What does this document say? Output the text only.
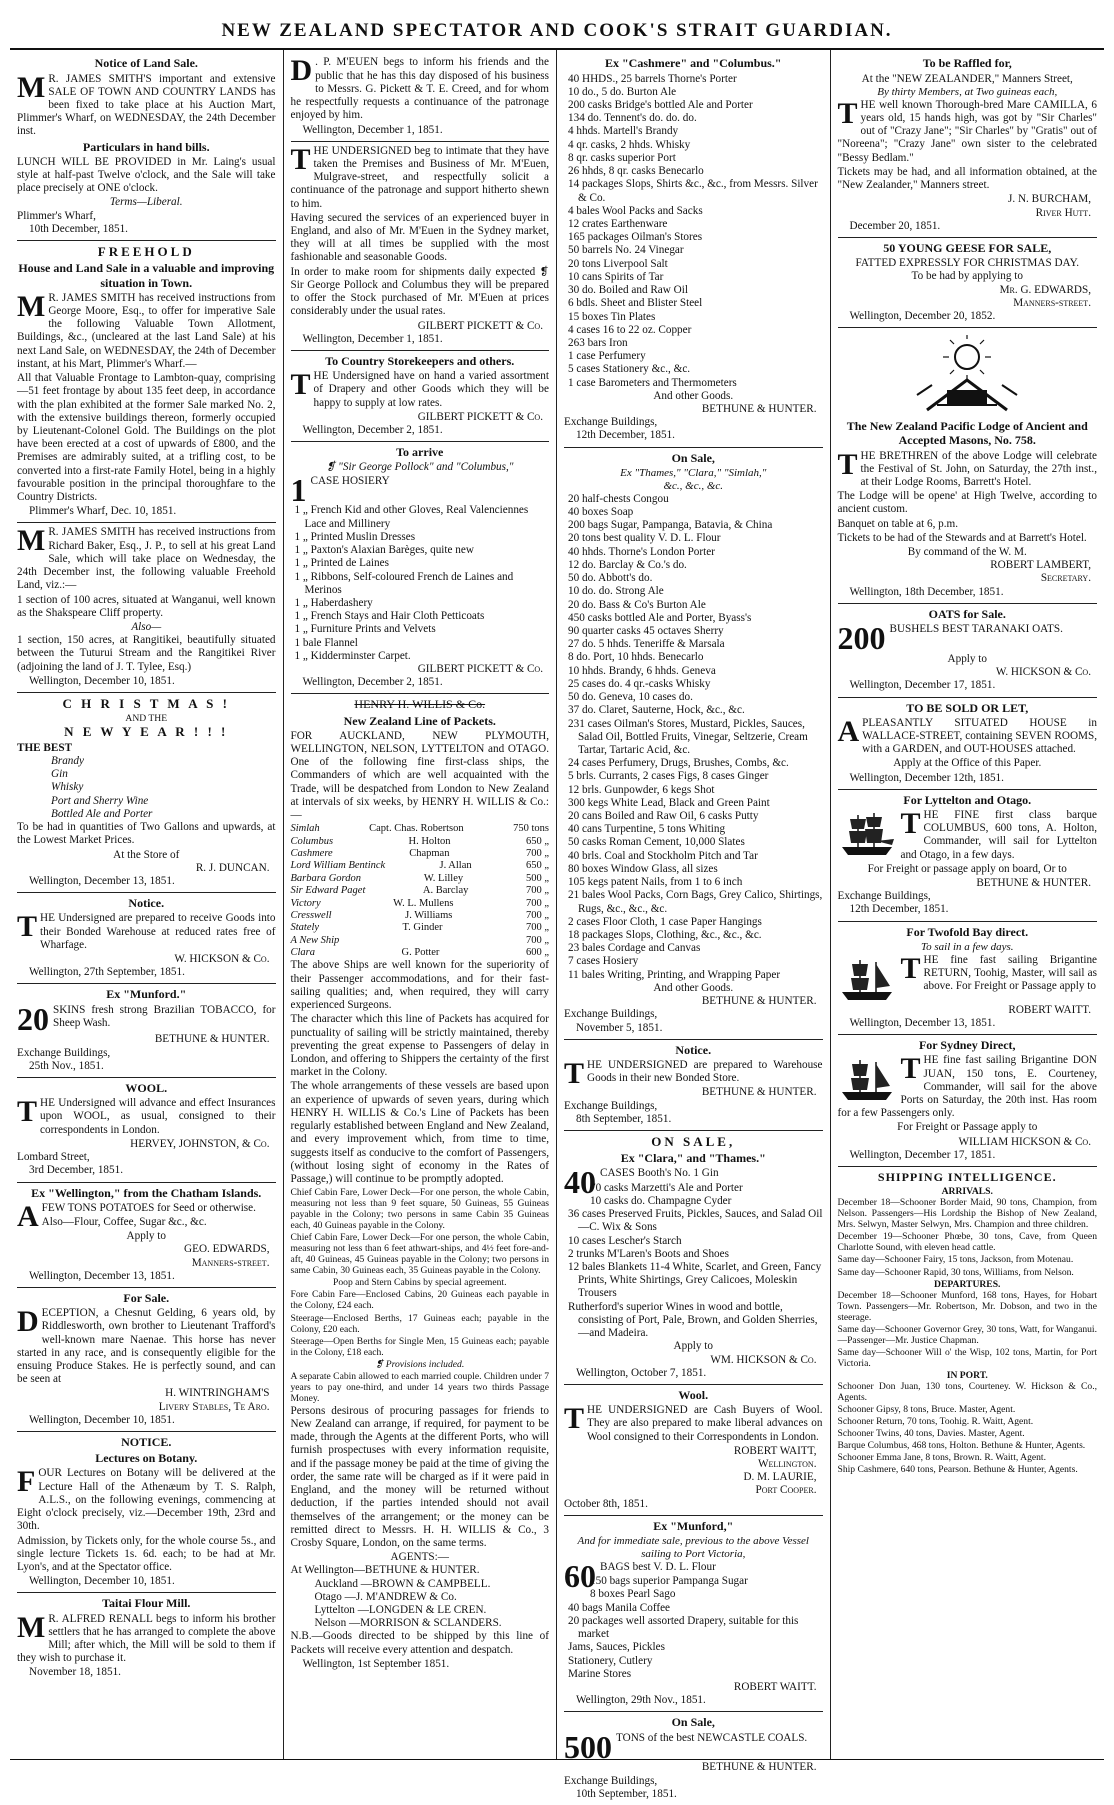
NEW ZEALAND SPECTATOR AND COOK'S STRAIT GUARDIAN.
Notice of Land Sale.

M R. JAMES SMITH'S important and extensive SALE OF TOWN AND COUNTRY LANDS has been fixed to take place at his Auction Mart, Plimmer's Wharf, on WEDNESDAY, the 24th December inst.

Particulars in hand bills.

LUNCH WILL BE PROVIDED in Mr. Laing's usual style at half-past Twelve o'clock, and the Sale will take place precisely at ONE o'clock.

Terms—Liberal.
Plimmer's Wharf,
10th December, 1851.
FREEHOLD
House and Land Sale in a valuable and improving situation in Town.

M R. JAMES SMITH has received instructions from George Moore, Esq., to offer for imperative Sale the following Valuable Town Allotment, Buildings, &c., (uncleared at the last Land Sale) at his next Land Sale, on WEDNESDAY, the 24th of December instant, at his Mart, Plimmer's Wharf.—

All that Valuable Frontage to Lambton-quay, comprising—51 feet frontage by about 135 feet deep, in accordance with the plan exhibited at the former Sale marked No. 2, with the extensive buildings thereon, formerly occupied by Lieutenant-Colonel Gold. The Buildings on the plot have been erected at a cost of upwards of £800, and the Premises are admirably suited, at a trifling cost, to be converted into a first-rate Family Hotel, being in a highly favourable position in the principal thoroughfare to the Country Districts.

Plimmer's Wharf, Dec. 10, 1851.

M R. JAMES SMITH has received instructions from Richard Baker, Esq., J. P., to sell at his great Land Sale, which will take place on Wednesday, the 24th December inst, the following valuable Freehold Land, viz.:—

1 section of 100 acres, situated at Wanganui, well known as the Shakspeare Cliff property.

Also—

1 section, 150 acres, at Rangitikei, beautifully situated between the Tuturui Stream and the Rangitikei River (adjoining the land of J. T. Tylee, Esq.)

Wellington, December 10, 1851.
C H R I S T M A S !
AND THE
N E W Y E A R ! ! !
THE BEST
Brandy
Gin
Whisky
Port and Sherry Wine
Bottled Ale and Porter

To be had in quantities of Two Gallons and upwards, at the Lowest Market Prices.

At the Store of
R. J. DUNCAN.
Wellington, December 13, 1851.
Notice.

THE Undersigned are prepared to receive Goods into their Bonded Warehouse at reduced rates free of Wharfage.

W. HICKSON & Co.
Wellington, 27th September, 1851.
Ex "Munford."

20 SKINS fresh strong Brazilian TOBACCO, for Sheep Wash.

BETHUNE & HUNTER.
Exchange Buildings,
25th Nov., 1851.
WOOL.

THE Undersigned will advance and effect Insurances upon WOOL, as usual, consigned to their correspondents in London.

HERVEY, JOHNSTON, & Co.
Lombard Street,
3rd December, 1851.
Ex "Wellington," from the Chatham Islands.

AFEW TONS POTATOES for Seed or otherwise.

Also—Flour, Coffee, Sugar &c., &c.

Apply to
GEO. EDWARDS,
Manners-street.
Wellington, December 13, 1851.
For Sale.

DECEPTION, a Chesnut Gelding, 6 years old, by Riddlesworth, own brother to Lieutenant Trafford's well-known mare Naenae. This horse has never started in any race, and is consequently eligible for the ensuing Produce Stakes. He is perfectly sound, and can be seen at

H. WINTRINGHAM'S
Livery Stables, Te Aro.
Wellington, December 10, 1851.
NOTICE.
Lectures on Botany.

FOUR Lectures on Botany will be delivered at the Lecture Hall of the Athenæum by T. S. Ralph, A.L.S., on the following evenings, commencing at Eight o'clock precisely, viz.—December 19th, 23rd and 30th.

Admission, by Tickets only, for the whole course 5s., and single lecture Tickets 1s. 6d. each; to be had at Mr. Lyon's, and at the Spectator office.

Wellington, December 10, 1851.
Taitai Flour Mill.

M R. ALFRED RENALL begs to inform his brother settlers that he has arranged to complete the above Mill; after which, the Mill will be sold to them if they wish to purchase it.

November 18, 1851.

D . P. M'EUEN begs to inform his friends and the public that he has this day disposed of his business to Messrs. G. Pickett & T. E. Creed, and for whom he respectfully requests a continuance of the patronage enjoyed by him.

Wellington, December 1, 1851.

THE UNDERSIGNED beg to intimate that they have taken the Premises and Business of Mr. M'Euen, Mulgrave-street, and respectfully solicit a continuance of the patronage and support hitherto shewn to him.

Having secured the services of an experienced buyer in England, and also of Mr. M'Euen in the Sydney market, they will at all times be supplied with the most fashionable and seasonable Goods.

In order to make room for shipments daily expected ❡ Sir George Pollock and Columbus they will be prepared to offer the Stock purchased of Mr. M'Euen at prices considerably under the usual rates.

GILBERT PICKETT & Co.
Wellington, December 1, 1851.
To Country Storekeepers and others.

THE Undersigned have on hand a varied assortment of Drapery and other Goods which they will be happy to supply at low rates.

GILBERT PICKETT & Co.
Wellington, December 2, 1851.
To arrive
❡ "Sir George Pollock" and "Columbus,"

1 CASE HOSIERY

1 „ French Kid and other Gloves, Real Valenciennes Lace and Millinery
1 „ Printed Muslin Dresses
1 „ Paxton's Alaxian Barèges, quite new
1 „ Printed de Laines
1 „ Ribbons, Self-coloured French de Laines and Merinos
1 „ Haberdashery
1 „ French Stays and Hair Cloth Petticoats
1 „ Furniture Prints and Velvets
1 bale Flannel
1 „ Kidderminster Carpet.
GILBERT PICKETT & Co.
Wellington, December 2, 1851.
HENRY H. WILLIS & Co.
New Zealand Line of Packets.

FOR AUCKLAND, NEW PLYMOUTH, WELLINGTON, NELSON, LYTTELTON and OTAGO. One of the following fine first-class ships, the Commanders of which are well acquainted with the Trade, will be despatched from London to New Zealand at intervals of six weeks, by HENRY H. WILLIS & Co.:—

Simlah	Capt. Chas. Robertson	750 tons
Columbus	H. Holton	650 „
Cashmere	Chapman	700 „
Lord William Bentinck	J. Allan	650 „
Barbara Gordon	W. Lilley	500 „
Sir Edward Paget	A. Barclay	700 „
Victory	W. L. Mullens	700 „
Cresswell	J. Williams	700 „
Stately	T. Ginder	700 „
A New Ship	700 „
Clara	G. Potter	600 „

The above Ships are well known for the superiority of their Passenger accommodations, and for their fast-sailing qualities; and, when required, they will carry experienced Surgeons.

The character which this line of Packets has acquired for punctuality of sailing will be strictly maintained, thereby preventing the great expense to Passengers of delay in London, and offering to Shippers the certainty of the first market in the Colony.

The whole arrangements of these vessels are based upon an experience of upwards of seven years, during which HENRY H. WILLIS & Co.'s Line of Packets has been regularly established between England and New Zealand, and every improvement which, from time to time, suggests itself as conducive to the comfort of Passengers, (without losing sight of economy in the Rates of Passage,) will continue to be promptly adopted.

Chief Cabin Fare, Lower Deck—For one person, the whole Cabin, measuring not less than 9 feet square, 50 Guineas, 55 Guineas payable in the Colony; two persons in same Cabin 35 Guineas each, 40 Guineas payable in the Colony.

Chief Cabin Fare, Lower Deck—For one person, the whole Cabin, measuring not less than 6 feet athwart-ships, and 4½ feet fore-and-aft, 40 Guineas, 45 Guineas payable in the Colony; two persons in same Cabin, 30 Guineas each, 35 Guineas payable in the Colony.

Poop and Stern Cabins by special agreement.

Fore Cabin Fare—Enclosed Cabins, 20 Guineas each payable in the Colony, £24 each.

Steerage—Enclosed Berths, 17 Guineas each; payable in the Colony, £20 each.

Steerage—Open Berths for Single Men, 15 Guineas each; payable in the Colony, £18 each.

❡ Provisions included.

A separate Cabin allowed to each married couple. Children under 7 years to pay one-third, and under 14 years two thirds Passage Money.

Persons desirous of procuring passages for friends to New Zealand can arrange, if required, for payment to be made, through the Agents at the different Ports, who will furnish prospectuses with every information requisite, and if the passage money be paid at the time of giving the order, the same rate will be charged as if it were paid in England, and the money will be returned without deduction, if the parties intended should not avail themselves of the arrangement; or the money can be remitted direct to Messrs. H. H. WILLIS & Co., 3 Crosby Square, London, on the same terms.

AGENTS:—
At Wellington—BETHUNE & HUNTER.
Auckland —BROWN & CAMPBELL.
Otago —J. M'ANDREW & Co.
Lyttelton —LONGDEN & LE CREN.
Nelson —MORRISON & SCLANDERS.

N.B.—Goods directed to be shipped by this line of Packets will receive every attention and despatch.

Wellington, 1st September 1851.
Ex "Cashmere" and "Columbus."
40 HHDS., 25 barrels Thorne's Porter
10 do., 5 do. Burton Ale
200 casks Bridge's bottled Ale and Porter
134 do. Tennent's do. do. do.
4 hhds. Martell's Brandy
4 qr. casks, 2 hhds. Whisky
8 qr. casks superior Port
26 hhds, 8 qr. casks Benecarlo
14 packages Slops, Shirts &c., &c., from Messrs. Silver & Co.
4 bales Wool Packs and Sacks
12 crates Earthenware
165 packages Oilman's Stores
50 barrels No. 24 Vinegar
20 tons Liverpool Salt
10 cans Spirits of Tar
30 do. Boiled and Raw Oil
6 bdls. Sheet and Blister Steel
15 boxes Tin Plates
4 cases 16 to 22 oz. Copper
263 bars Iron
1 case Perfumery
5 cases Stationery &c., &c.
1 case Barometers and Thermometers
And other Goods.
BETHUNE & HUNTER.
Exchange Buildings,
12th December, 1851.
On Sale,
Ex "Thames," "Clara," "Simlah,"
&c., &c., &c.
20 half-chests Congou
40 boxes Soap
200 bags Sugar, Pampanga, Batavia, & China
20 tons best quality V. D. L. Flour
40 hhds. Thorne's London Porter
12 do. Barclay & Co.'s do.
50 do. Abbott's do.
10 do. do. Strong Ale
20 do. Bass & Co's Burton Ale
450 casks bottled Ale and Porter, Byass's
90 quarter casks 45 octaves Sherry
27 do. 5 hhds. Teneriffe & Marsala
8 do. Port, 10 hhds. Benecarlo
10 hhds. Brandy, 6 hhds. Geneva
25 cases do. 4 qr.-casks Whisky
50 do. Geneva, 10 cases do.
37 do. Claret, Sauterne, Hock, &c., &c.
231 cases Oilman's Stores, Mustard, Pickles, Sauces, Salad Oil, Bottled Fruits, Vinegar, Seltzerie, Cream Tartar, Tartaric Acid, &c.
24 cases Perfumery, Drugs, Brushes, Combs, &c.
5 brls. Currants, 2 cases Figs, 8 cases Ginger
12 brls. Gunpowder, 6 kegs Shot
300 kegs White Lead, Black and Green Paint
20 cans Boiled and Raw Oil, 6 casks Putty
40 cans Turpentine, 5 tons Whiting
50 casks Roman Cement, 10,000 Slates
40 brls. Coal and Stockholm Pitch and Tar
80 boxes Window Glass, all sizes
105 kegs patent Nails, from 1 to 6 inch
21 bales Wool Packs, Corn Bags, Grey Calico, Shirtings, Rugs, &c., &c., &c.
2 cases Floor Cloth, 1 case Paper Hangings
18 packages Slops, Clothing, &c., &c., &c.
23 bales Cordage and Canvas
7 cases Hosiery
11 bales Writing, Printing, and Wrapping Paper
And other Goods.
BETHUNE & HUNTER.
Exchange Buildings,
November 5, 1851.
Notice.

THE UNDERSIGNED are prepared to Warehouse Goods in their new Bonded Store.

BETHUNE & HUNTER.
Exchange Buildings,
8th September, 1851.
ON SALE,
Ex "Clara," and "Thames."

40 CASES Booth's No. 1 Gin

70 casks Marzetti's Ale and Porter
10 casks do. Champagne Cyder
36 cases Preserved Fruits, Pickles, Sauces, and Salad Oil—C. Wix & Sons
10 cases Lescher's Starch
2 trunks M'Laren's Boots and Shoes
12 bales Blankets 11-4 White, Scarlet, and Green, Fancy Prints, White Shirtings, Grey Calicoes, Moleskin Trousers
Rutherford's superior Wines in wood and bottle, consisting of Port, Pale, Brown, and Golden Sherries,—and Madeira.
Apply to
WM. HICKSON & Co.
Wellington, October 7, 1851.
Wool.

THE UNDERSIGNED are Cash Buyers of Wool. They are also prepared to make liberal advances on Wool consigned to their Correspondents in London.

ROBERT WAITT,
Wellington.
D. M. LAURIE,
Port Cooper.
October 8th, 1851.
Ex "Munford,"
And for immediate sale, previous to the above Vessel sailing to Port Victoria,

60 BAGS best V. D. L. Flour

150 bags superior Pampanga Sugar
8 boxes Pearl Sago
40 bags Manila Coffee
20 packages well assorted Drapery, suitable for this market
Jams, Sauces, Pickles
Stationery, Cutlery
Marine Stores
ROBERT WAITT.
Wellington, 29th Nov., 1851.
On Sale,

500 TONS of the best NEWCASTLE COALS.

BETHUNE & HUNTER.
Exchange Buildings,
10th September, 1851.
To be Raffled for,
At the "NEW ZEALANDER," Manners Street,
By thirty Members, at Two guineas each,

THE well known Thorough-bred Mare CAMILLA, 6 years old, 15 hands high, was got by "Sir Charles" out of "Crazy Jane"; "Sir Charles" by "Gratis" out of "Noreena"; "Crazy Jane" own sister to the celebrated "Bessy Bedlam."

Tickets may be had, and all information obtained, at the "New Zealander," Manners street.

J. N. BURCHAM,
River Hutt.
December 20, 1851.
50 YOUNG GEESE FOR SALE,
FATTED EXPRESSLY FOR CHRISTMAS DAY.
To be had by applying to
Mr. G. EDWARDS,
Manners-street.
Wellington, December 20, 1852.
The New Zealand Pacific Lodge of Ancient and Accepted Masons, No. 758.

THE BRETHREN of the above Lodge will celebrate the Festival of St. John, on Saturday, the 27th inst., at their Lodge Rooms, Barrett's Hotel.

The Lodge will be opene' at High Twelve, according to ancient custom.

Banquet on table at 6, p.m.

Tickets to be had of the Stewards and at Barrett's Hotel.

By command of the W. M.
ROBERT LAMBERT,
Secretary.
Wellington, 18th December, 1851.
OATS for Sale.

200 BUSHELS BEST TARANAKI OATS.

Apply to
W. HICKSON & Co.
Wellington, December 17, 1851.
TO BE SOLD OR LET,

APLEASANTLY SITUATED HOUSE in WALLACE-STREET, containing SEVEN ROOMS, with a GARDEN, and OUT-HOUSES attached.

Apply at the Office of this Paper.

Wellington, December 12th, 1851.
For Lyttelton and Otago.

THE FINE first class barque COLUMBUS, 600 tons, A. Holton, Commander, will sail for Lyttelton and Otago, in a few days.

For Freight or passage apply on board, Or to

BETHUNE & HUNTER.
Exchange Buildings,
12th December, 1851.
For Twofold Bay direct.
To sail in a few days.

THE fine fast sailing Brigantine RETURN, Toohig, Master, will sail as above. For Freight or Passage apply to

ROBERT WAITT.
Wellington, December 13, 1851.
For Sydney Direct,

THE fine fast sailing Brigantine DON JUAN, 150 tons, E. Courteney, Commander, will sail for the above Ports on Saturday, the 20th inst. Has room for a few Passengers only.

For Freight or Passage apply to

WILLIAM HICKSON & Co.
Wellington, December 17, 1851.
SHIPPING INTELLIGENCE.
ARRIVALS.

December 18—Schooner Border Maid, 90 tons, Champion, from Nelson. Passengers—His Lordship the Bishop of New Zealand, Mrs. Selwyn, Master Selwyn, Mrs. Champion and three children.

December 19—Schooner Phœbe, 30 tons, Cave, from Queen Charlotte Sound, with eleven head cattle.

Same day—Schooner Fairy, 15 tons, Jackson, from Motenau.

Same day—Schooner Rapid, 30 tons, Williams, from Nelson.

DEPARTURES.

December 18—Schooner Munford, 168 tons, Hayes, for Hobart Town. Passengers—Mr. Robertson, Mr. Dobson, and two in the steerage.

Same day—Schooner Governor Grey, 30 tons, Watt, for Wanganui.—Passenger—Mr. Justice Chapman.

Same day—Schooner Will o' the Wisp, 102 tons, Martin, for Port Victoria.

IN PORT.

Schooner Don Juan, 130 tons, Courteney. W. Hickson & Co., Agents.

Schooner Gipsy, 8 tons, Bruce. Master, Agent.

Schooner Return, 70 tons, Toohig. R. Waitt, Agent.

Schooner Twins, 40 tons, Davies. Master, Agent.

Barque Columbus, 468 tons, Holton. Bethune & Hunter, Agents.

Schooner Emma Jane, 8 tons, Brown. R. Waitt, Agent.

Ship Cashmere, 640 tons, Pearson. Bethune & Hunter, Agents.
